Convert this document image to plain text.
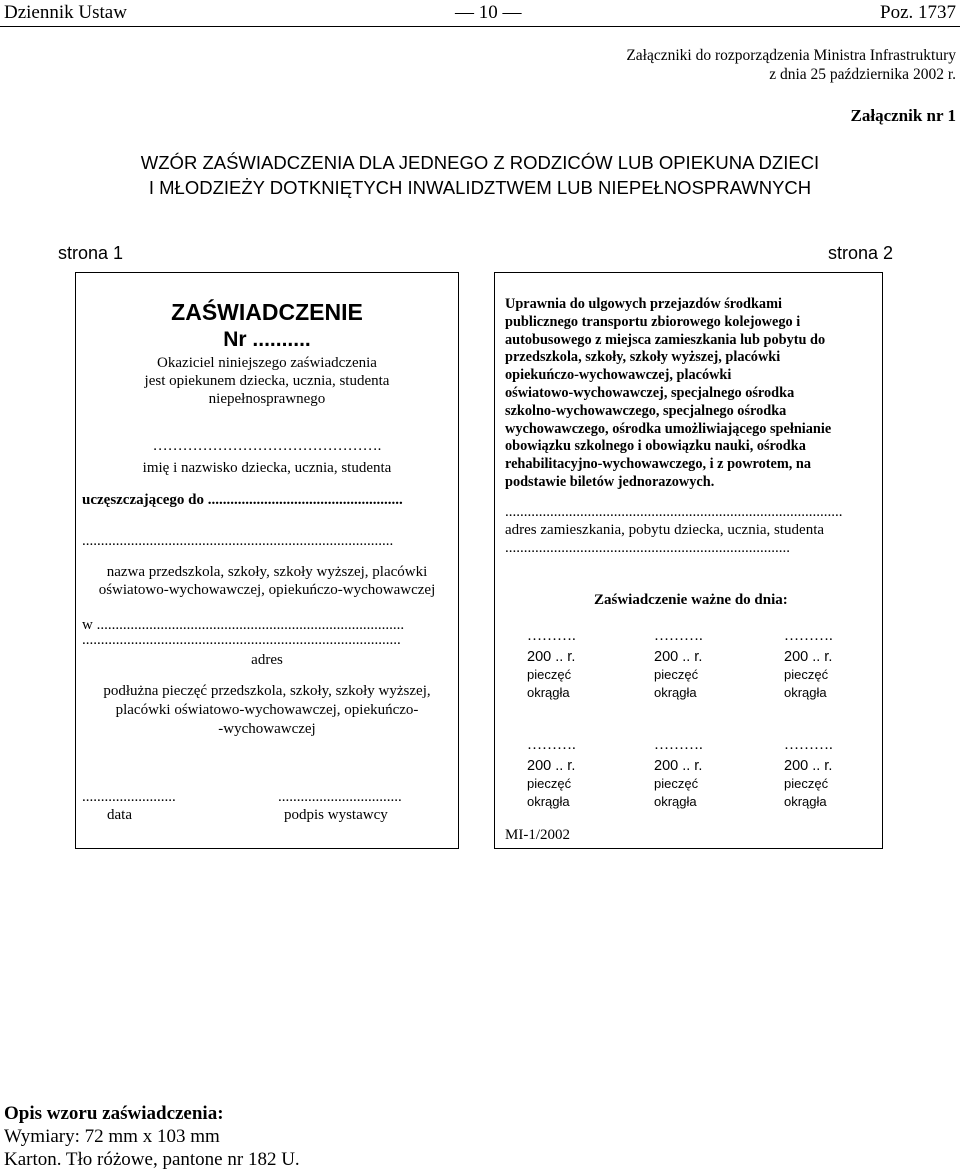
Dziennik Ustaw	— 10 —	Poz. 1737
Załączniki do rozporządzenia Ministra Infrastruktury
z dnia 25 października 2002 r.
Załącznik nr 1
WZÓR ZAŚWIADCZENIA DLA JEDNEGO Z RODZICÓW LUB OPIEKUNA DZIECI
I MŁODZIEŻY DOTKNIĘTYCH INWALIDZTWEM LUB NIEPEŁNOSPRAWNYCH
strona 1	strona 2
ZAŚWIADCZENIE
Nr ..........
Okaziciel niniejszego zaświadczenia
jest opiekunem dziecka, ucznia, studenta
niepełnosprawnego
……………………………………….
imię i nazwisko dziecka, ucznia, studenta
uczęszczającego do ....................................................
...................................................................................
nazwa przedszkola, szkoły, szkoły wyższej, placówki
oświatowo-wychowawczej, opiekuńczo-wychowawczej
w ..................................................................................
.....................................................................................
adres
podłużna pieczęć przedszkola, szkoły, szkoły wyższej,
placówki oświatowo-wychowawczej, opiekuńczo-
-wychowawczej
.........................	.................................
data	podpis wystawcy
Uprawnia do ulgowych przejazdów środkami
publicznego transportu zbiorowego kolejowego i
autobusowego z miejsca zamieszkania lub pobytu do
przedszkola, szkoły, szkoły wyższej, placówki
opiekuńczo-wychowawczej, placówki
oświatowo-wychowawczej, specjalnego ośrodka
szkolno-wychowawczego, specjalnego ośrodka
wychowawczego, ośrodka umożliwiającego spełnianie
obowiązku szkolnego i obowiązku nauki, ośrodka
rehabilitacyjno-wychowawczego, i z powrotem, na
podstawie biletów jednorazowych.
..........................................................................................
adres zamieszkania, pobytu dziecka, ucznia, studenta
............................................................................
Zaświadczenie ważne do dnia:
……….
200 .. r.
pieczęć
okrągła
……….
200 .. r.
pieczęć
okrągła
……….
200 .. r.
pieczęć
okrągła
……….
200 .. r.
pieczęć
okrągła
……….
200 .. r.
pieczęć
okrągła
……….
200 .. r.
pieczęć
okrągła
MI-1/2002
Opis wzoru zaświadczenia:
Wymiary: 72 mm x 103 mm
Karton. Tło różowe, pantone nr 182 U.
